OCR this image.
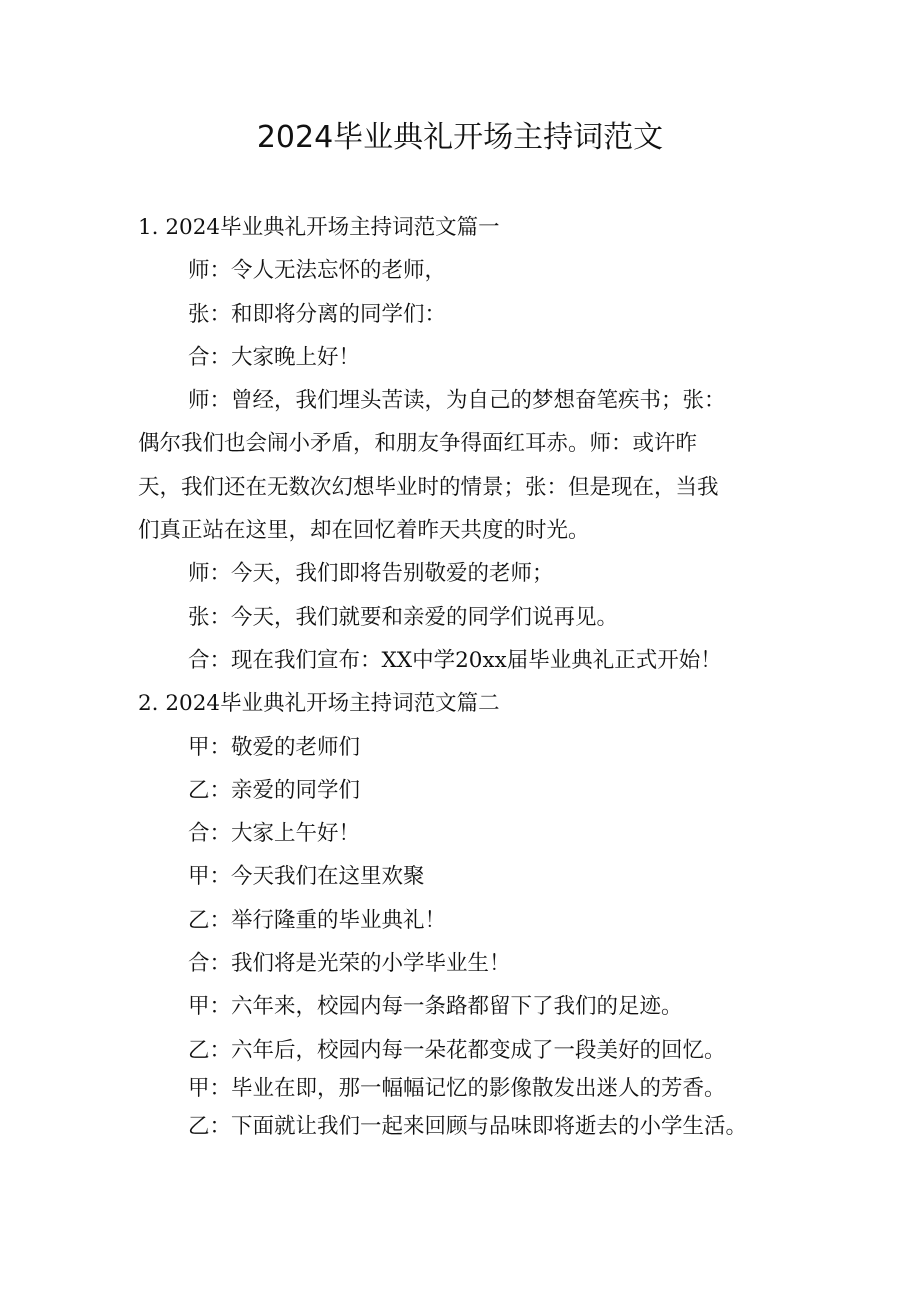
2024毕业典礼开场主持词范文

1. 2024毕业典礼开场主持词范文篇一

师：令人无法忘怀的老师，

张：和即将分离的同学们：

合：大家晚上好！

师：曾经，我们埋头苦读，为自己的梦想奋笔疾书；张：

偶尔我们也会闹小矛盾，和朋友争得面红耳赤。师：或许昨

天，我们还在无数次幻想毕业时的情景；张：但是现在，当我

们真正站在这里，却在回忆着昨天共度的时光。

师：今天，我们即将告别敬爱的老师；

张：今天，我们就要和亲爱的同学们说再见。

合：现在我们宣布：XX中学20xx届毕业典礼正式开始！

2. 2024毕业典礼开场主持词范文篇二

甲：敬爱的老师们

乙：亲爱的同学们

合：大家上午好！

甲：今天我们在这里欢聚

乙：举行隆重的毕业典礼！

合：我们将是光荣的小学毕业生！

甲：六年来，校园内每一条路都留下了我们的足迹。

乙：六年后，校园内每一朵花都变成了一段美好的回忆。

甲：毕业在即，那一幅幅记忆的影像散发出迷人的芳香。

乙：下面就让我们一起来回顾与品味即将逝去的小学生活。
